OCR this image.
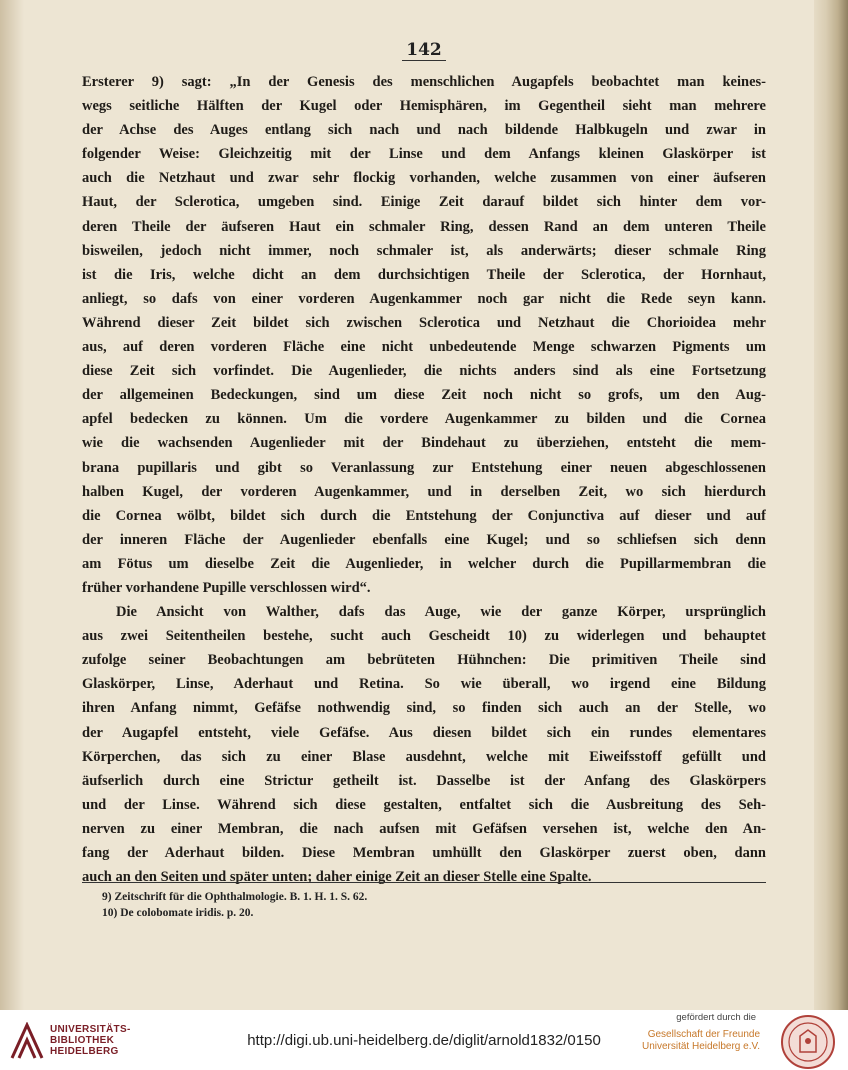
142
Ersterer 9) sagt: „In der Genesis des menschlichen Augapfels beobachtet man keines-
wegs seitliche Hälften der Kugel oder Hemisphären, im Gegentheil sieht man mehrere
der Achse des Auges entlang sich nach und nach bildende Halbkugeln und zwar in
folgender Weise: Gleichzeitig mit der Linse und dem Anfangs kleinen Glaskörper ist
auch die Netzhaut und zwar sehr flockig vorhanden, welche zusammen von einer äufseren
Haut, der Sclerotica, umgeben sind. Einige Zeit darauf bildet sich hinter dem vor-
deren Theile der äufseren Haut ein schmaler Ring, dessen Rand an dem unteren Theile
bisweilen, jedoch nicht immer, noch schmaler ist, als anderwärts; dieser schmale Ring
ist die Iris, welche dicht an dem durchsichtigen Theile der Sclerotica, der Hornhaut,
anliegt, so dafs von einer vorderen Augenkammer noch gar nicht die Rede seyn kann.
Während dieser Zeit bildet sich zwischen Sclerotica und Netzhaut die Chorioidea mehr
aus, auf deren vorderen Fläche eine nicht unbedeutende Menge schwarzen Pigments um
diese Zeit sich vorfindet. Die Augenlieder, die nichts anders sind als eine Fortsetzung
der allgemeinen Bedeckungen, sind um diese Zeit noch nicht so grofs, um den Aug-
apfel bedecken zu können. Um die vordere Augenkammer zu bilden und die Cornea
wie die wachsenden Augenlieder mit der Bindehaut zu überziehen, entsteht die mem-
brana pupillaris und gibt so Veranlassung zur Entstehung einer neuen abgeschlossenen
halben Kugel, der vorderen Augenkammer, und in derselben Zeit, wo sich hierdurch
die Cornea wölbt, bildet sich durch die Entstehung der Conjunctiva auf dieser und auf
der inneren Fläche der Augenlieder ebenfalls eine Kugel; und so schliefsen sich denn
am Fötus um dieselbe Zeit die Augenlieder, in welcher durch die Pupillarmembran die
früher vorhandene Pupille verschlossen wird“.
Die Ansicht von Walther, dafs das Auge, wie der ganze Körper, ursprünglich
aus zwei Seitentheilen bestehe, sucht auch Gescheidt 10) zu widerlegen und behauptet
zufolge seiner Beobachtungen am bebrüteten Hühnchen: Die primitiven Theile sind
Glaskörper, Linse, Aderhaut und Retina. So wie überall, wo irgend eine Bildung
ihren Anfang nimmt, Gefäfse nothwendig sind, so finden sich auch an der Stelle, wo
der Augapfel entsteht, viele Gefäfse. Aus diesen bildet sich ein rundes elementares
Körperchen, das sich zu einer Blase ausdehnt, welche mit Eiweifsstoff gefüllt und
äufserlich durch eine Strictur getheilt ist. Dasselbe ist der Anfang des Glaskörpers
und der Linse. Während sich diese gestalten, entfaltet sich die Ausbreitung des Seh-
nerven zu einer Membran, die nach aufsen mit Gefäfsen versehen ist, welche den An-
fang der Aderhaut bilden. Diese Membran umhüllt den Glaskörper zuerst oben, dann
auch an den Seiten und später unten; daher einige Zeit an dieser Stelle eine Spalte.
9) Zeitschrift für die Ophthalmologie. B. 1. H. 1. S. 62.
10) De colobomate iridis. p. 20.
UNIVERSITÄTS-
BIBLIOTHEK
HEIDELBERG
http://digi.ub.uni-heidelberg.de/diglit/arnold1832/0150
gefördert durch die
Gesellschaft der Freunde
Universität Heidelberg e.V.
